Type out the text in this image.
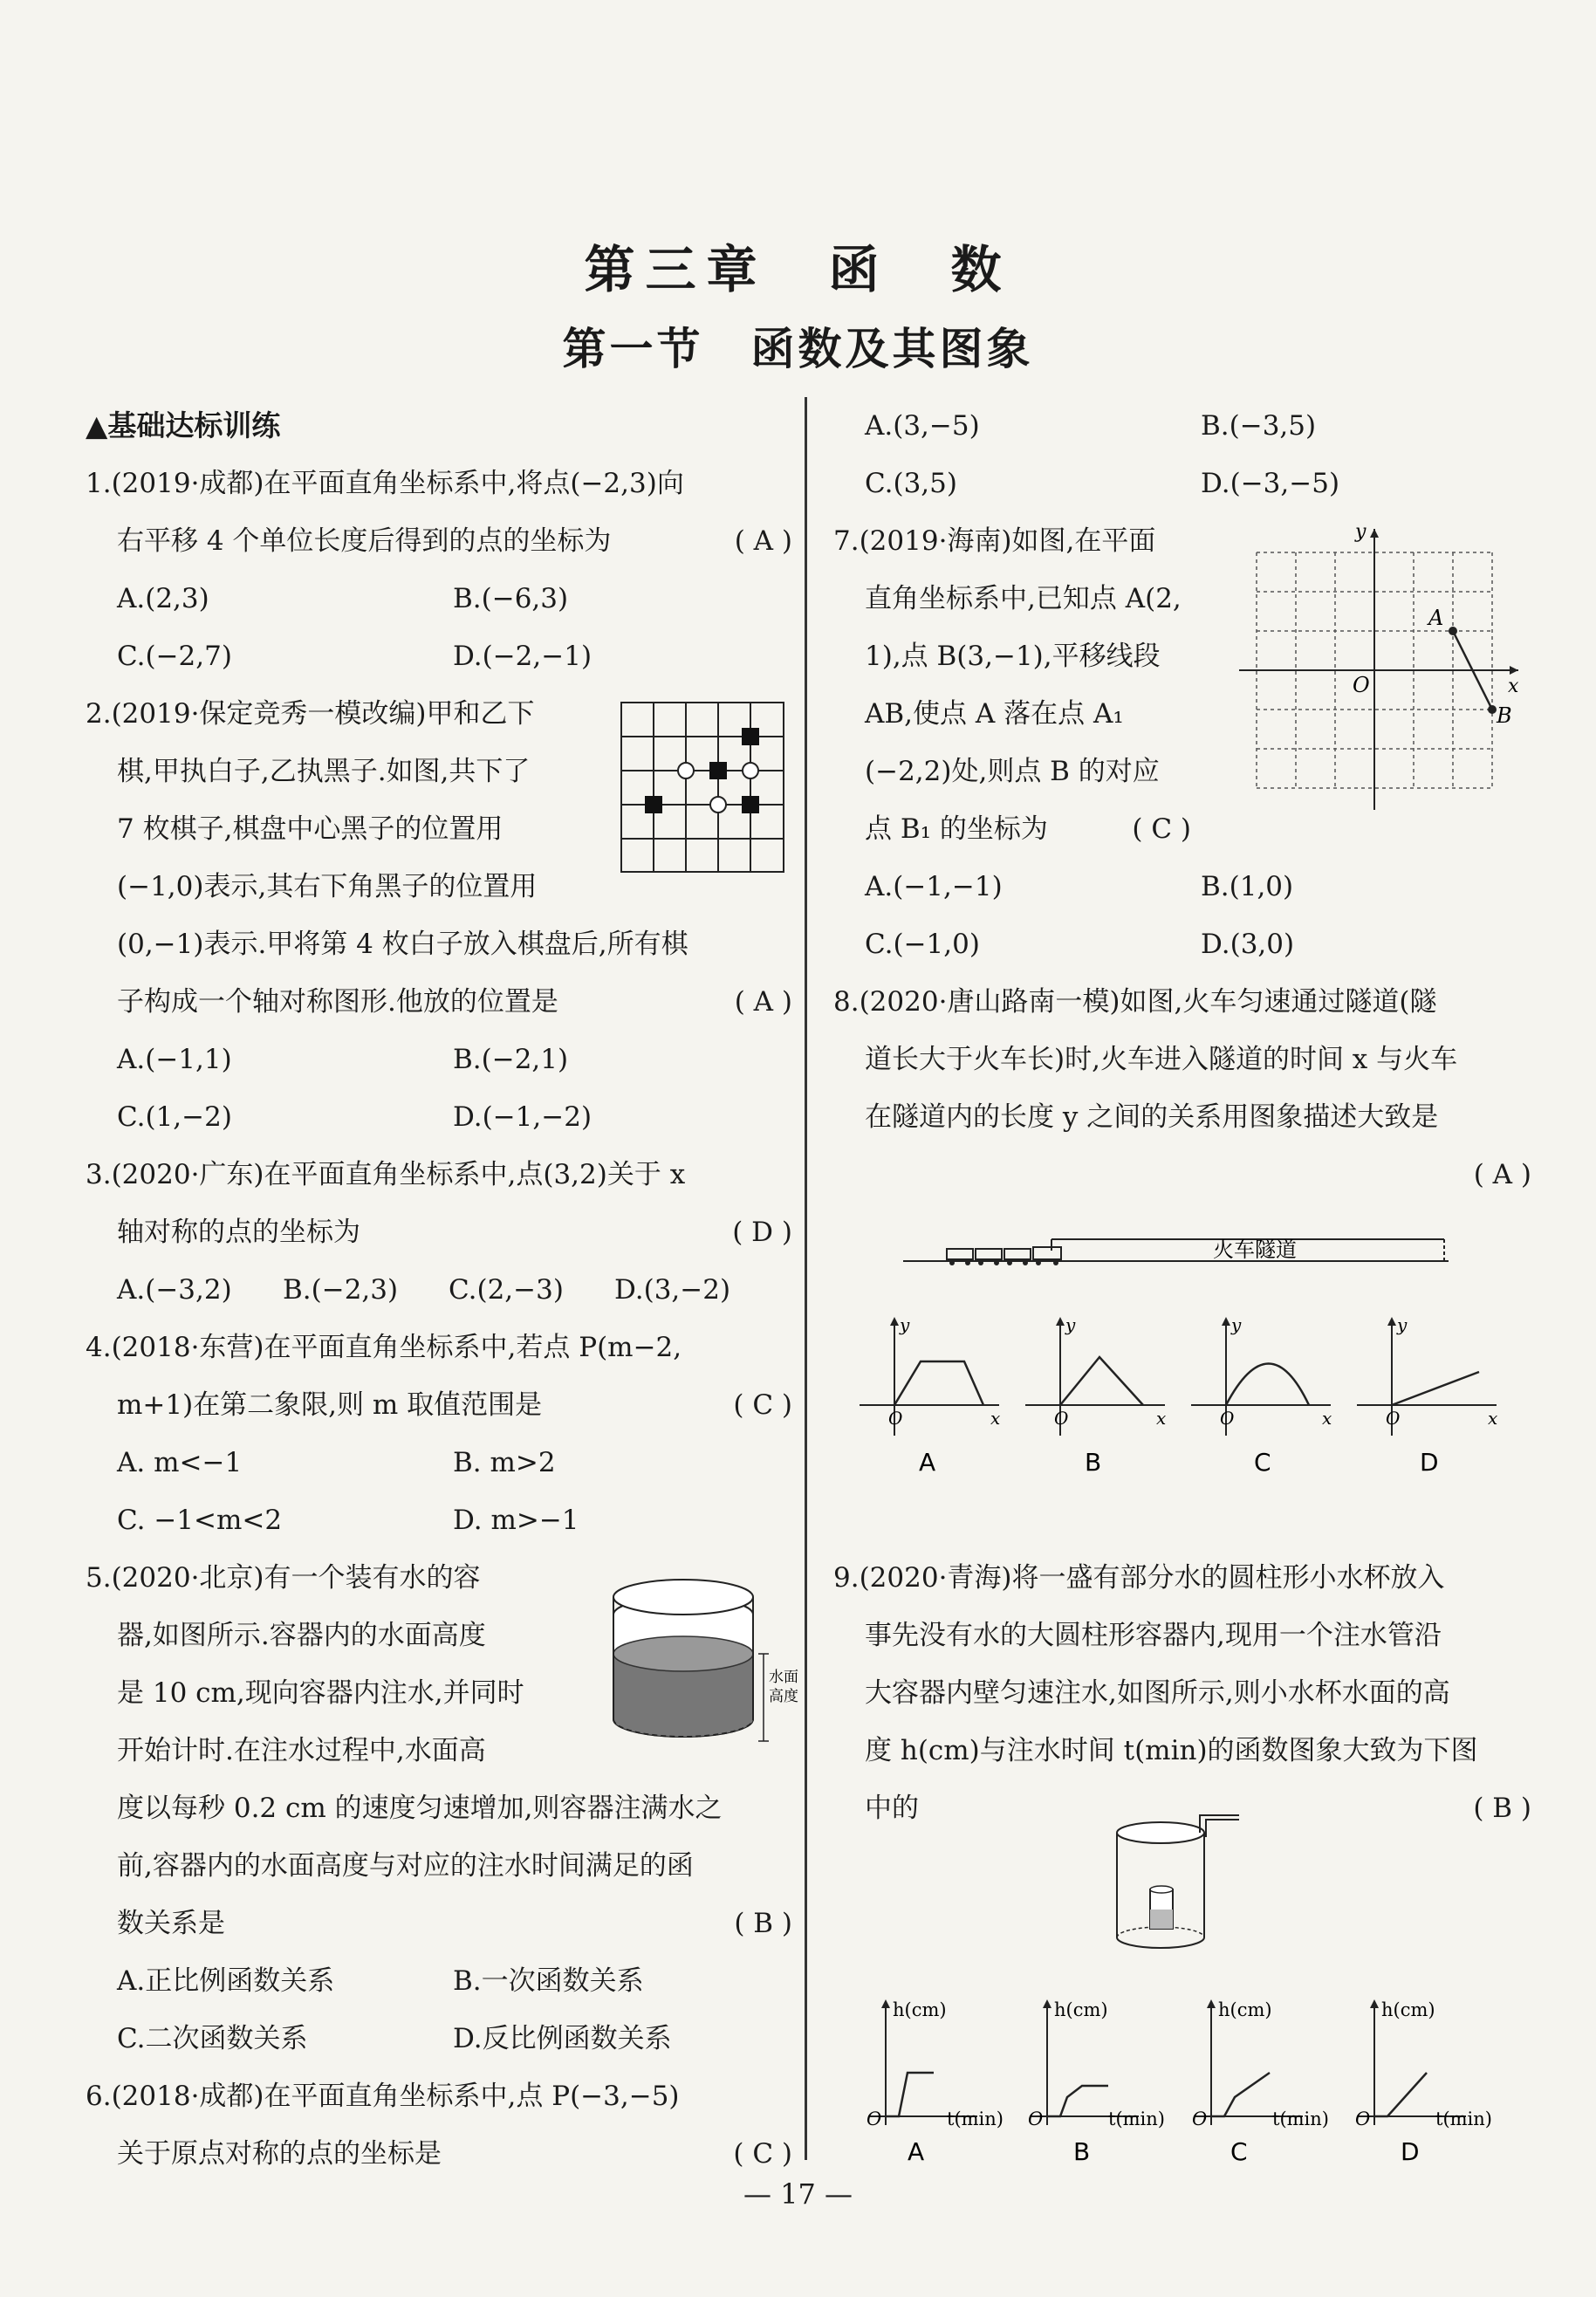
第三章　函　数
第一节　函数及其图象
▲基础达标训练
1.(2019·成都)在平面直角坐标系中,将点(−2,3)向
右平移 4 个单位长度后得到的点的坐标为	( A )
A.(2,3)	B.(−6,3)
C.(−2,7)	D.(−2,−1)
2.(2019·保定竞秀一模改编)甲和乙下
棋,甲执白子,乙执黑子.如图,共下了
7 枚棋子,棋盘中心黑子的位置用
(−1,0)表示,其右下角黑子的位置用
(0,−1)表示.甲将第 4 枚白子放入棋盘后,所有棋
子构成一个轴对称图形.他放的位置是	( A )
A.(−1,1)	B.(−2,1)
C.(1,−2)	D.(−1,−2)
3.(2020·广东)在平面直角坐标系中,点(3,2)关于 x
轴对称的点的坐标为	( D )
A.(−3,2)	B.(−2,3)	C.(2,−3)	D.(3,−2)
4.(2018·东营)在平面直角坐标系中,若点 P(m−2,
m+1)在第二象限,则 m 取值范围是	( C )
A. m<−1	B. m>2
C. −1<m<2	D. m>−1
5.(2020·北京)有一个装有水的容
器,如图所示.容器内的水面高度
是 10 cm,现向容器内注水,并同时
开始计时.在注水过程中,水面高
度以每秒 0.2 cm 的速度匀速增加,则容器注满水之
前,容器内的水面高度与对应的注水时间满足的函
数关系是	( B )
A.正比例函数关系	B.一次函数关系
C.二次函数关系	D.反比例函数关系
6.(2018·成都)在平面直角坐标系中,点 P(−3,−5)
关于原点对称的点的坐标是	( C )
水面
高度
A.(3,−5)	B.(−3,5)
C.(3,5)	D.(−3,−5)
7.(2019·海南)如图,在平面
直角坐标系中,已知点 A(2,
1),点 B(3,−1),平移线段
AB,使点 A 落在点 A₁
(−2,2)处,则点 B 的对应
点 B₁ 的坐标为	( C )
A.(−1,−1)	B.(1,0)
C.(−1,0)	D.(3,0)
8.(2020·唐山路南一模)如图,火车匀速通过隧道(隧
道长大于火车长)时,火车进入隧道的时间 x 与火车
在隧道内的长度 y 之间的关系用图象描述大致是
( A )

9.(2020·青海)将一盛有部分水的圆柱形小水杯放入
事先没有水的大圆柱形容器内,现用一个注水管沿
大容器内壁匀速注水,如图所示,则小水杯水面的高
度 h(cm)与注水时间 t(min)的函数图象大致为下图
中的	( B )
A
B
O	x
y
火车隧道
y
O	x
y
O	x
y
O	x
y
O	x
A	B	C	D
h(cm)
O	t(min)
h(cm)
O	t(min)
h(cm)
O	t(min)
h(cm)
O	t(min)
A	B	C	D
— 17 —
